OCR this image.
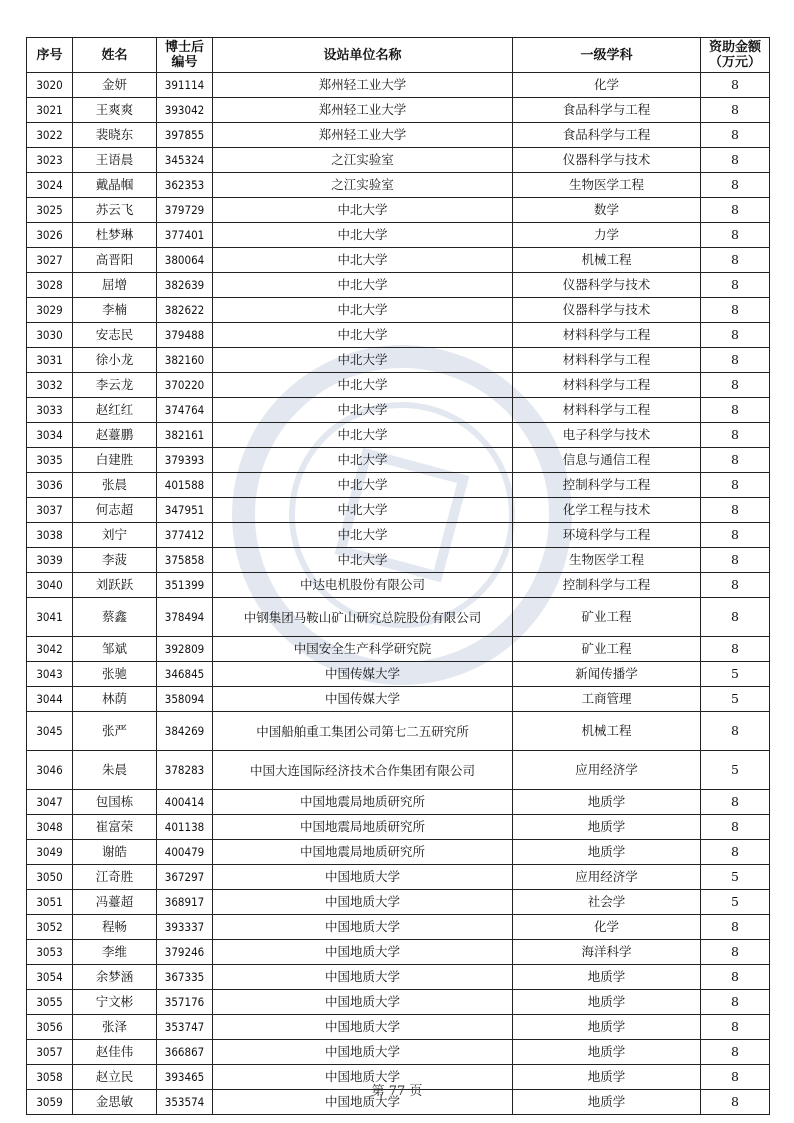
序号	姓名	博士后编号	设站单位名称	一级学科	资助金额（万元）
3020	金妍	391114	郑州轻工业大学	化学	8
3021	王爽爽	393042	郑州轻工业大学	食品科学与工程	8
3022	裴晓东	397855	郑州轻工业大学	食品科学与工程	8
3023	王语晨	345324	之江实验室	仪器科学与技术	8
3024	戴晶帼	362353	之江实验室	生物医学工程	8
3025	苏云飞	379729	中北大学	数学	8
3026	杜梦琳	377401	中北大学	力学	8
3027	高晋阳	380064	中北大学	机械工程	8
3028	屈增	382639	中北大学	仪器科学与技术	8
3029	李楠	382622	中北大学	仪器科学与技术	8
3030	安志民	379488	中北大学	材料科学与工程	8
3031	徐小龙	382160	中北大学	材料科学与工程	8
3032	李云龙	370220	中北大学	材料科学与工程	8
3033	赵红红	374764	中北大学	材料科学与工程	8
3034	赵薹鹏	382161	中北大学	电子科学与技术	8
3035	白建胜	379393	中北大学	信息与通信工程	8
3036	张晨	401588	中北大学	控制科学与工程	8
3037	何志超	347951	中北大学	化学工程与技术	8
3038	刘宁	377412	中北大学	环境科学与工程	8
3039	李菠	375858	中北大学	生物医学工程	8
3040	刘跃跃	351399	中达电机股份有限公司	控制科学与工程	8
3041	蔡鑫	378494	中钢集团马鞍山矿山研究总院股份有限公司	矿业工程	8
3042	邹斌	392809	中国安全生产科学研究院	矿业工程	8
3043	张驰	346845	中国传媒大学	新闻传播学	5
3044	林荫	358094	中国传媒大学	工商管理	5
3045	张严	384269	中国船舶重工集团公司第七二五研究所	机械工程	8
3046	朱晨	378283	中国大连国际经济技术合作集团有限公司	应用经济学	5
3047	包国栋	400414	中国地震局地质研究所	地质学	8
3048	崔富荣	401138	中国地震局地质研究所	地质学	8
3049	谢皓	400479	中国地震局地质研究所	地质学	8
3050	江奇胜	367297	中国地质大学	应用经济学	5
3051	冯薹超	368917	中国地质大学	社会学	5
3052	程畅	393337	中国地质大学	化学	8
3053	李维	379246	中国地质大学	海洋科学	8
3054	余梦涵	367335	中国地质大学	地质学	8
3055	宁文彬	357176	中国地质大学	地质学	8
3056	张泽	353747	中国地质大学	地质学	8
3057	赵佳伟	366867	中国地质大学	地质学	8
3058	赵立民	393465	中国地质大学	地质学	8
3059	金思敏	353574	中国地质大学	地质学	8
第 77 页
